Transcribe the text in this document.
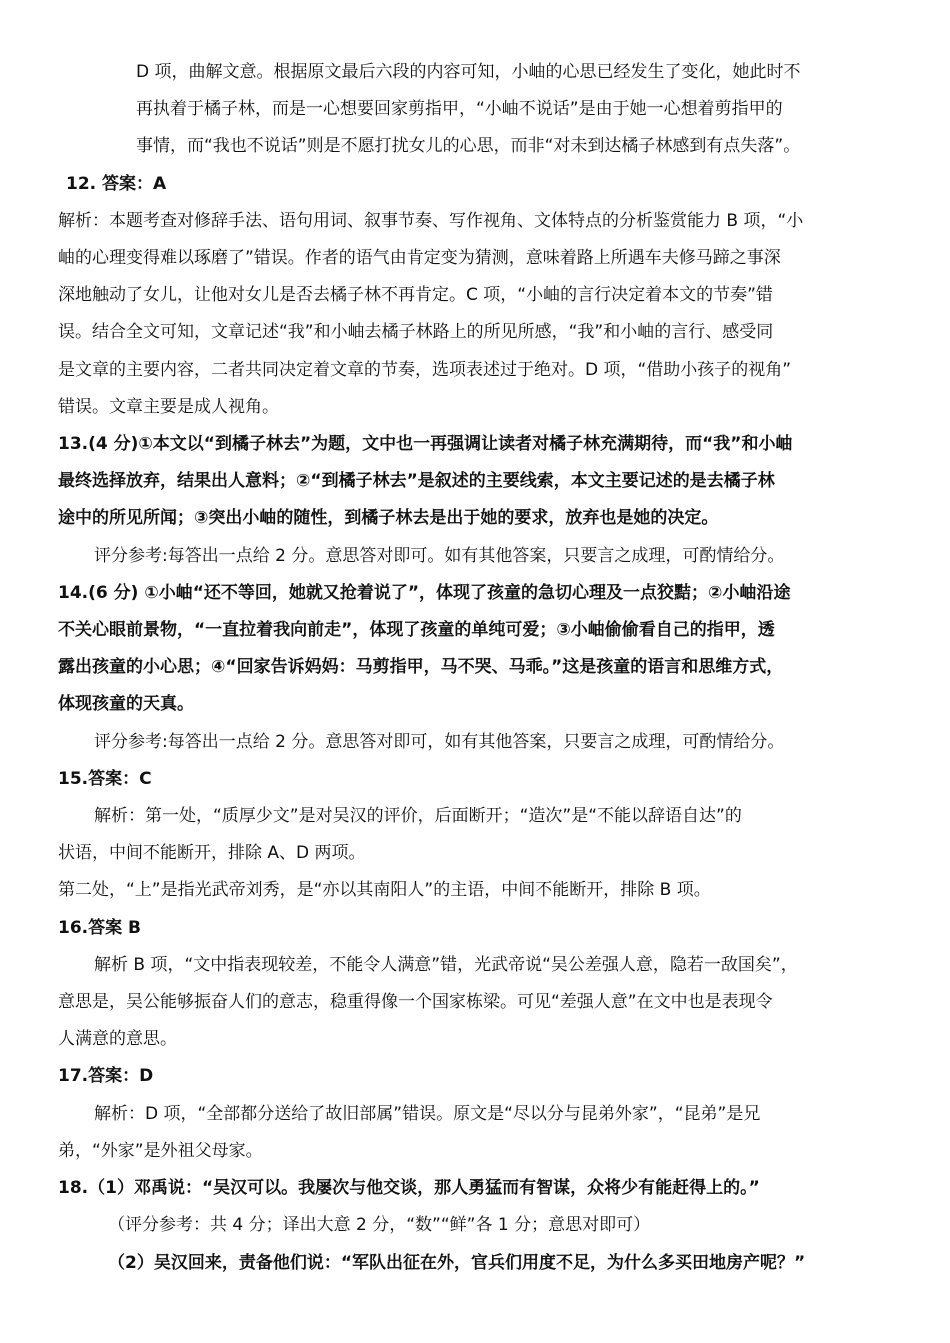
D 项，曲解文意。根据原文最后六段的内容可知，小岫的心思已经发生了变化，她此时不

再执着于橘子林，而是一心想要回家剪指甲，“小岫不说话”是由于她一心想着剪指甲的

事情，而“我也不说话”则是不愿打扰女儿的心思，而非“对未到达橘子林感到有点失落”。

12. 答案：A

解析：本题考查对修辞手法、语句用词、叙事节奏、写作视角、文体特点的分析鉴赏能力 B 项，“小

岫的心理变得难以琢磨了”错误。作者的语气由肯定变为猜测，意味着路上所遇车夫修马蹄之事深

深地触动了女儿，让他对女儿是否去橘子林不再肯定。C 项，“小岫的言行决定着本文的节奏”错

误。结合全文可知，文章记述“我”和小岫去橘子林路上的所见所感，“我”和小岫的言行、感受同

是文章的主要内容，二者共同决定着文章的节奏，选项表述过于绝对。D 项，“借助小孩子的视角”

错误。文章主要是成人视角。

13.(4 分)①本文以“到橘子林去”为题，文中也一再强调让读者对橘子林充满期待，而“我”和小岫

最终选择放弃，结果出人意料；②“到橘子林去”是叙述的主要线索，本文主要记述的是去橘子林

途中的所见所闻；③突出小岫的随性，到橘子林去是出于她的要求，放弃也是她的决定。

评分参考:每答出一点给 2 分。意思答对即可。如有其他答案，只要言之成理，可酌情给分。

14.(6 分) ①小岫“还不等回，她就又抢着说了”，体现了孩童的急切心理及一点狡黠；②小岫沿途

不关心眼前景物，“一直拉着我向前走”，体现了孩童的单纯可爱；③小岫偷偷看自己的指甲，透

露出孩童的小心思；④“回家告诉妈妈：马剪指甲，马不哭、马乖。”这是孩童的语言和思维方式，

体现孩童的天真。

评分参考:每答出一点给 2 分。意思答对即可，如有其他答案，只要言之成理，可酌情给分。

15.答案：C

解析：第一处，“质厚少文”是对吴汉的评价，后面断开；“造次”是“不能以辞语自达”的

状语，中间不能断开，排除 A、D 两项。

第二处，“上”是指光武帝刘秀，是“亦以其南阳人”的主语，中间不能断开，排除 B 项。

16.答案 B

解析 B 项，“文中指表现较差，不能令人满意”错，光武帝说“吴公差强人意，隐若一敌国矣”，

意思是，吴公能够振奋人们的意志，稳重得像一个国家栋梁。可见“差强人意”在文中也是表现令

人满意的意思。

17.答案：D

解析：D 项，“全部都分送给了故旧部属”错误。原文是“尽以分与昆弟外家”，“昆弟”是兄

弟，“外家”是外祖父母家。

18.（1）邓禹说：“吴汉可以。我屡次与他交谈，那人勇猛而有智谋，众将少有能赶得上的。”

（评分参考：共 4 分；译出大意 2 分，“数”“鲜”各 1 分；意思对即可）

（2）吴汉回来，责备他们说：“军队出征在外，官兵们用度不足，为什么多买田地房产呢？”
